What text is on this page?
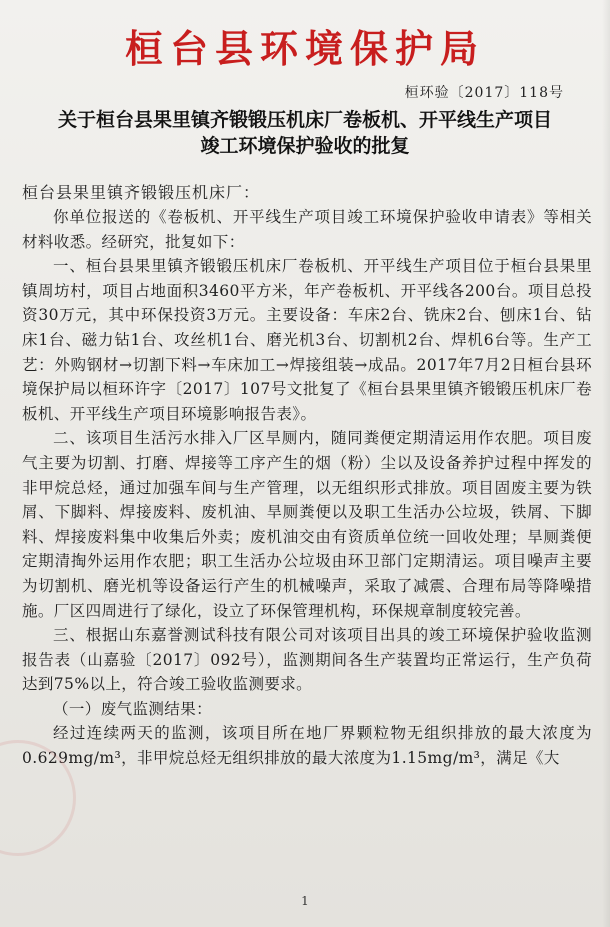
桓台县环境保护局
桓环验〔2017〕118号
关于桓台县果里镇齐锻锻压机床厂卷板机、开平线生产项目
竣工环境保护验收的批复
桓台县果里镇齐锻锻压机床厂：

你单位报送的《卷板机、开平线生产项目竣工环境保护验收申请表》等相关材料收悉。经研究，批复如下：

一、桓台县果里镇齐锻锻压机床厂卷板机、开平线生产项目位于桓台县果里镇周坊村，项目占地面积3460平方米，年产卷板机、开平线各200台。项目总投资30万元，其中环保投资3万元。主要设备：车床2台、铣床2台、刨床1台、钻床1台、磁力钻1台、攻丝机1台、磨光机3台、切割机2台、焊机6台等。生产工艺：外购钢材→切割下料→车床加工→焊接组装→成品。2017年7月2日桓台县环境保护局以桓环许字〔2017〕107号文批复了《桓台县果里镇齐锻锻压机床厂卷板机、开平线生产项目环境影响报告表》。

二、该项目生活污水排入厂区旱厕内，随同粪便定期清运用作农肥。项目废气主要为切割、打磨、焊接等工序产生的烟（粉）尘以及设备养护过程中挥发的非甲烷总烃，通过加强车间与生产管理，以无组织形式排放。项目固废主要为铁屑、下脚料、焊接废料、废机油、旱厕粪便以及职工生活办公垃圾，铁屑、下脚料、焊接废料集中收集后外卖；废机油交由有资质单位统一回收处理；旱厕粪便定期清掏外运用作农肥；职工生活办公垃圾由环卫部门定期清运。项目噪声主要为切割机、磨光机等设备运行产生的机械噪声，采取了减震、合理布局等降噪措施。厂区四周进行了绿化，设立了环保管理机构，环保规章制度较完善。

三、根据山东嘉誉测试科技有限公司对该项目出具的竣工环境保护验收监测报告表（山嘉验〔2017〕092号），监测期间各生产装置均正常运行，生产负荷达到75%以上，符合竣工验收监测要求。

（一）废气监测结果：

经过连续两天的监测，该项目所在地厂界颗粒物无组织排放的最大浓度为0.629mg/m³，非甲烷总烃无组织排放的最大浓度为1.15mg/m³，满足《大

1
